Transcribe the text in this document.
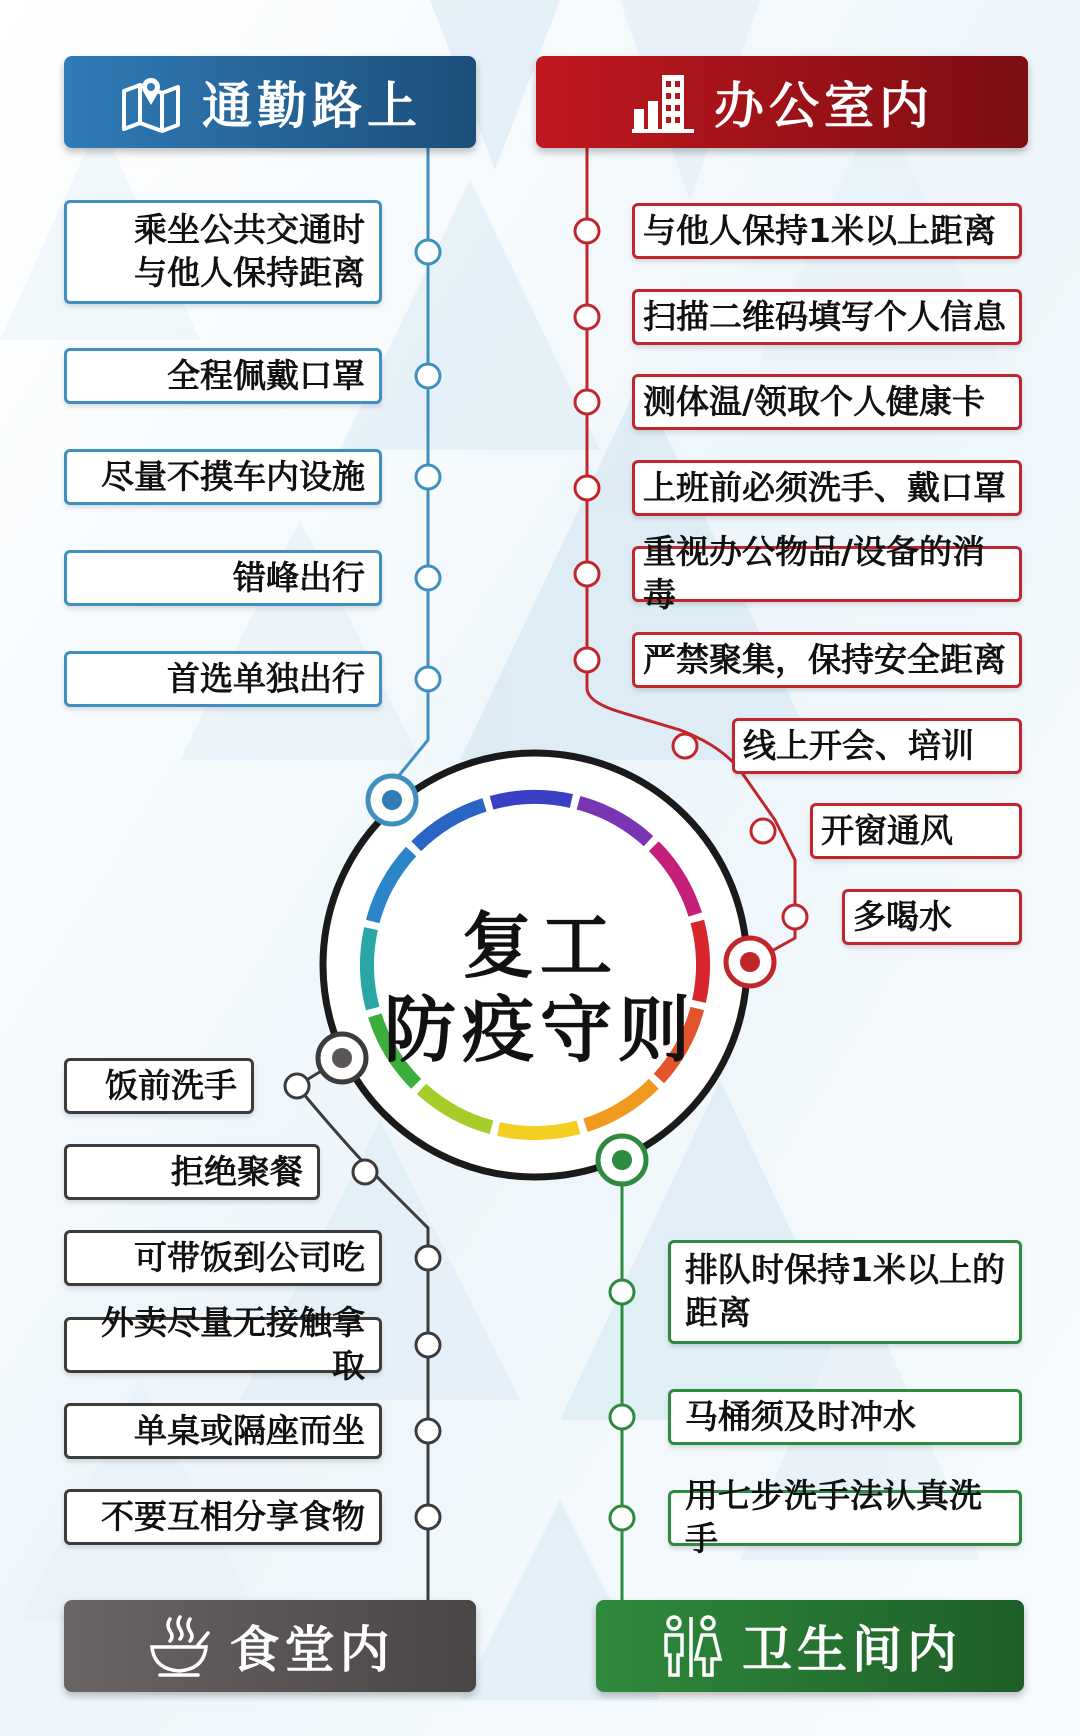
通勤路上	办公室内
食堂内	卫生间内
乘坐公共交通时
与他人保持距离
全程佩戴口罩
尽量不摸车内设施
错峰出行
首选单独出行
与他人保持1米以上距离
扫描二维码填写个人信息
测体温/领取个人健康卡
上班前必须洗手、戴口罩
重视办公物品/设备的消毒
严禁聚集，保持安全距离
线上开会、培训
开窗通风
多喝水
饭前洗手
拒绝聚餐
可带饭到公司吃
外卖尽量无接触拿取
单桌或隔座而坐
不要互相分享食物
排队时保持1米以上的
距离
马桶须及时冲水
用七步洗手法认真洗手
复工
防疫守则
